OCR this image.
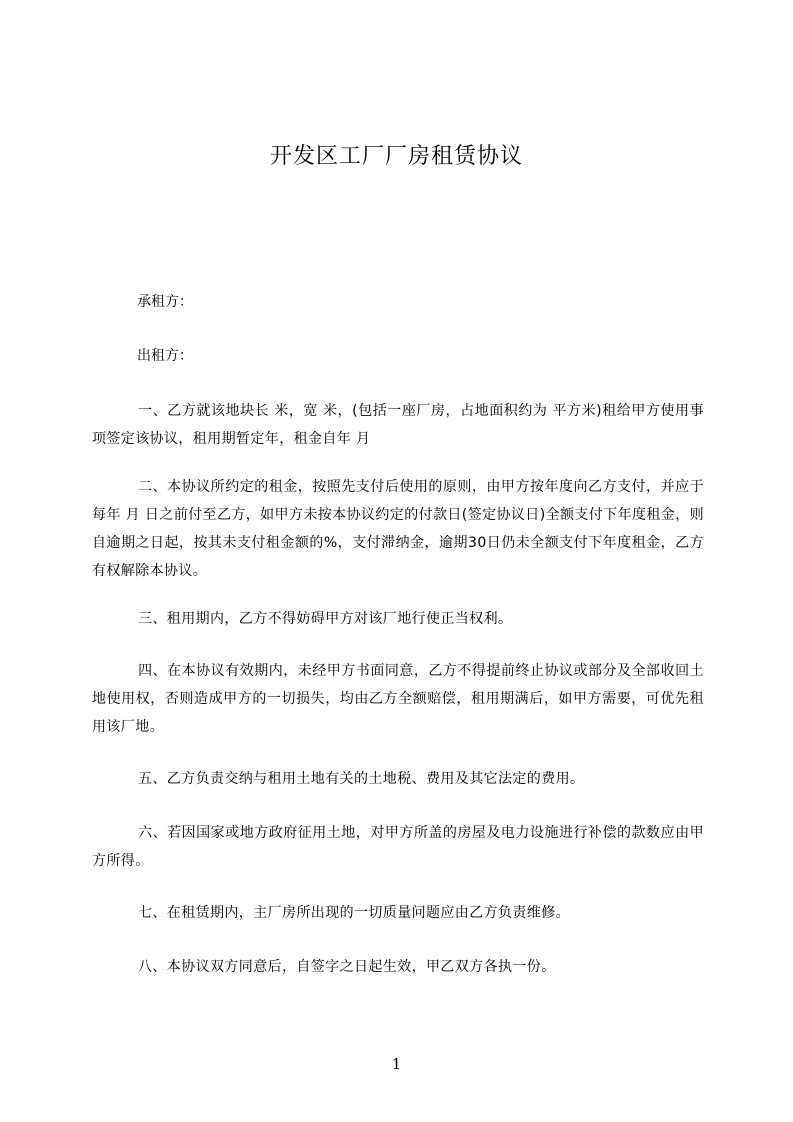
开发区工厂厂房租赁协议
承租方：
出租方：
一、乙方就该地块长 米，宽 米，(包括一座厂房，占地面积约为 平方米)租给甲方使用事项签定该协议，租用期暂定年，租金自年 月
二、本协议所约定的租金，按照先支付后使用的原则，由甲方按年度向乙方支付，并应于每年 月 日之前付至乙方，如甲方未按本协议约定的付款日(签定协议日)全额支付下年度租金，则自逾期之日起，按其未支付租金额的%，支付滞纳金，逾期30日仍未全额支付下年度租金，乙方有权解除本协议。
三、租用期内，乙方不得妨碍甲方对该厂地行使正当权利。
四、在本协议有效期内，未经甲方书面同意，乙方不得提前终止协议或部分及全部收回土地使用权，否则造成甲方的一切损失，均由乙方全额赔偿，租用期满后，如甲方需要，可优先租用该厂地。
五、乙方负责交纳与租用土地有关的土地税、费用及其它法定的费用。
六、若因国家或地方政府征用土地，对甲方所盖的房屋及电力设施进行补偿的款数应由甲方所得。
七、在租赁期内，主厂房所出现的一切质量问题应由乙方负责维修。
八、本协议双方同意后，自签字之日起生效，甲乙双方各执一份。
1
